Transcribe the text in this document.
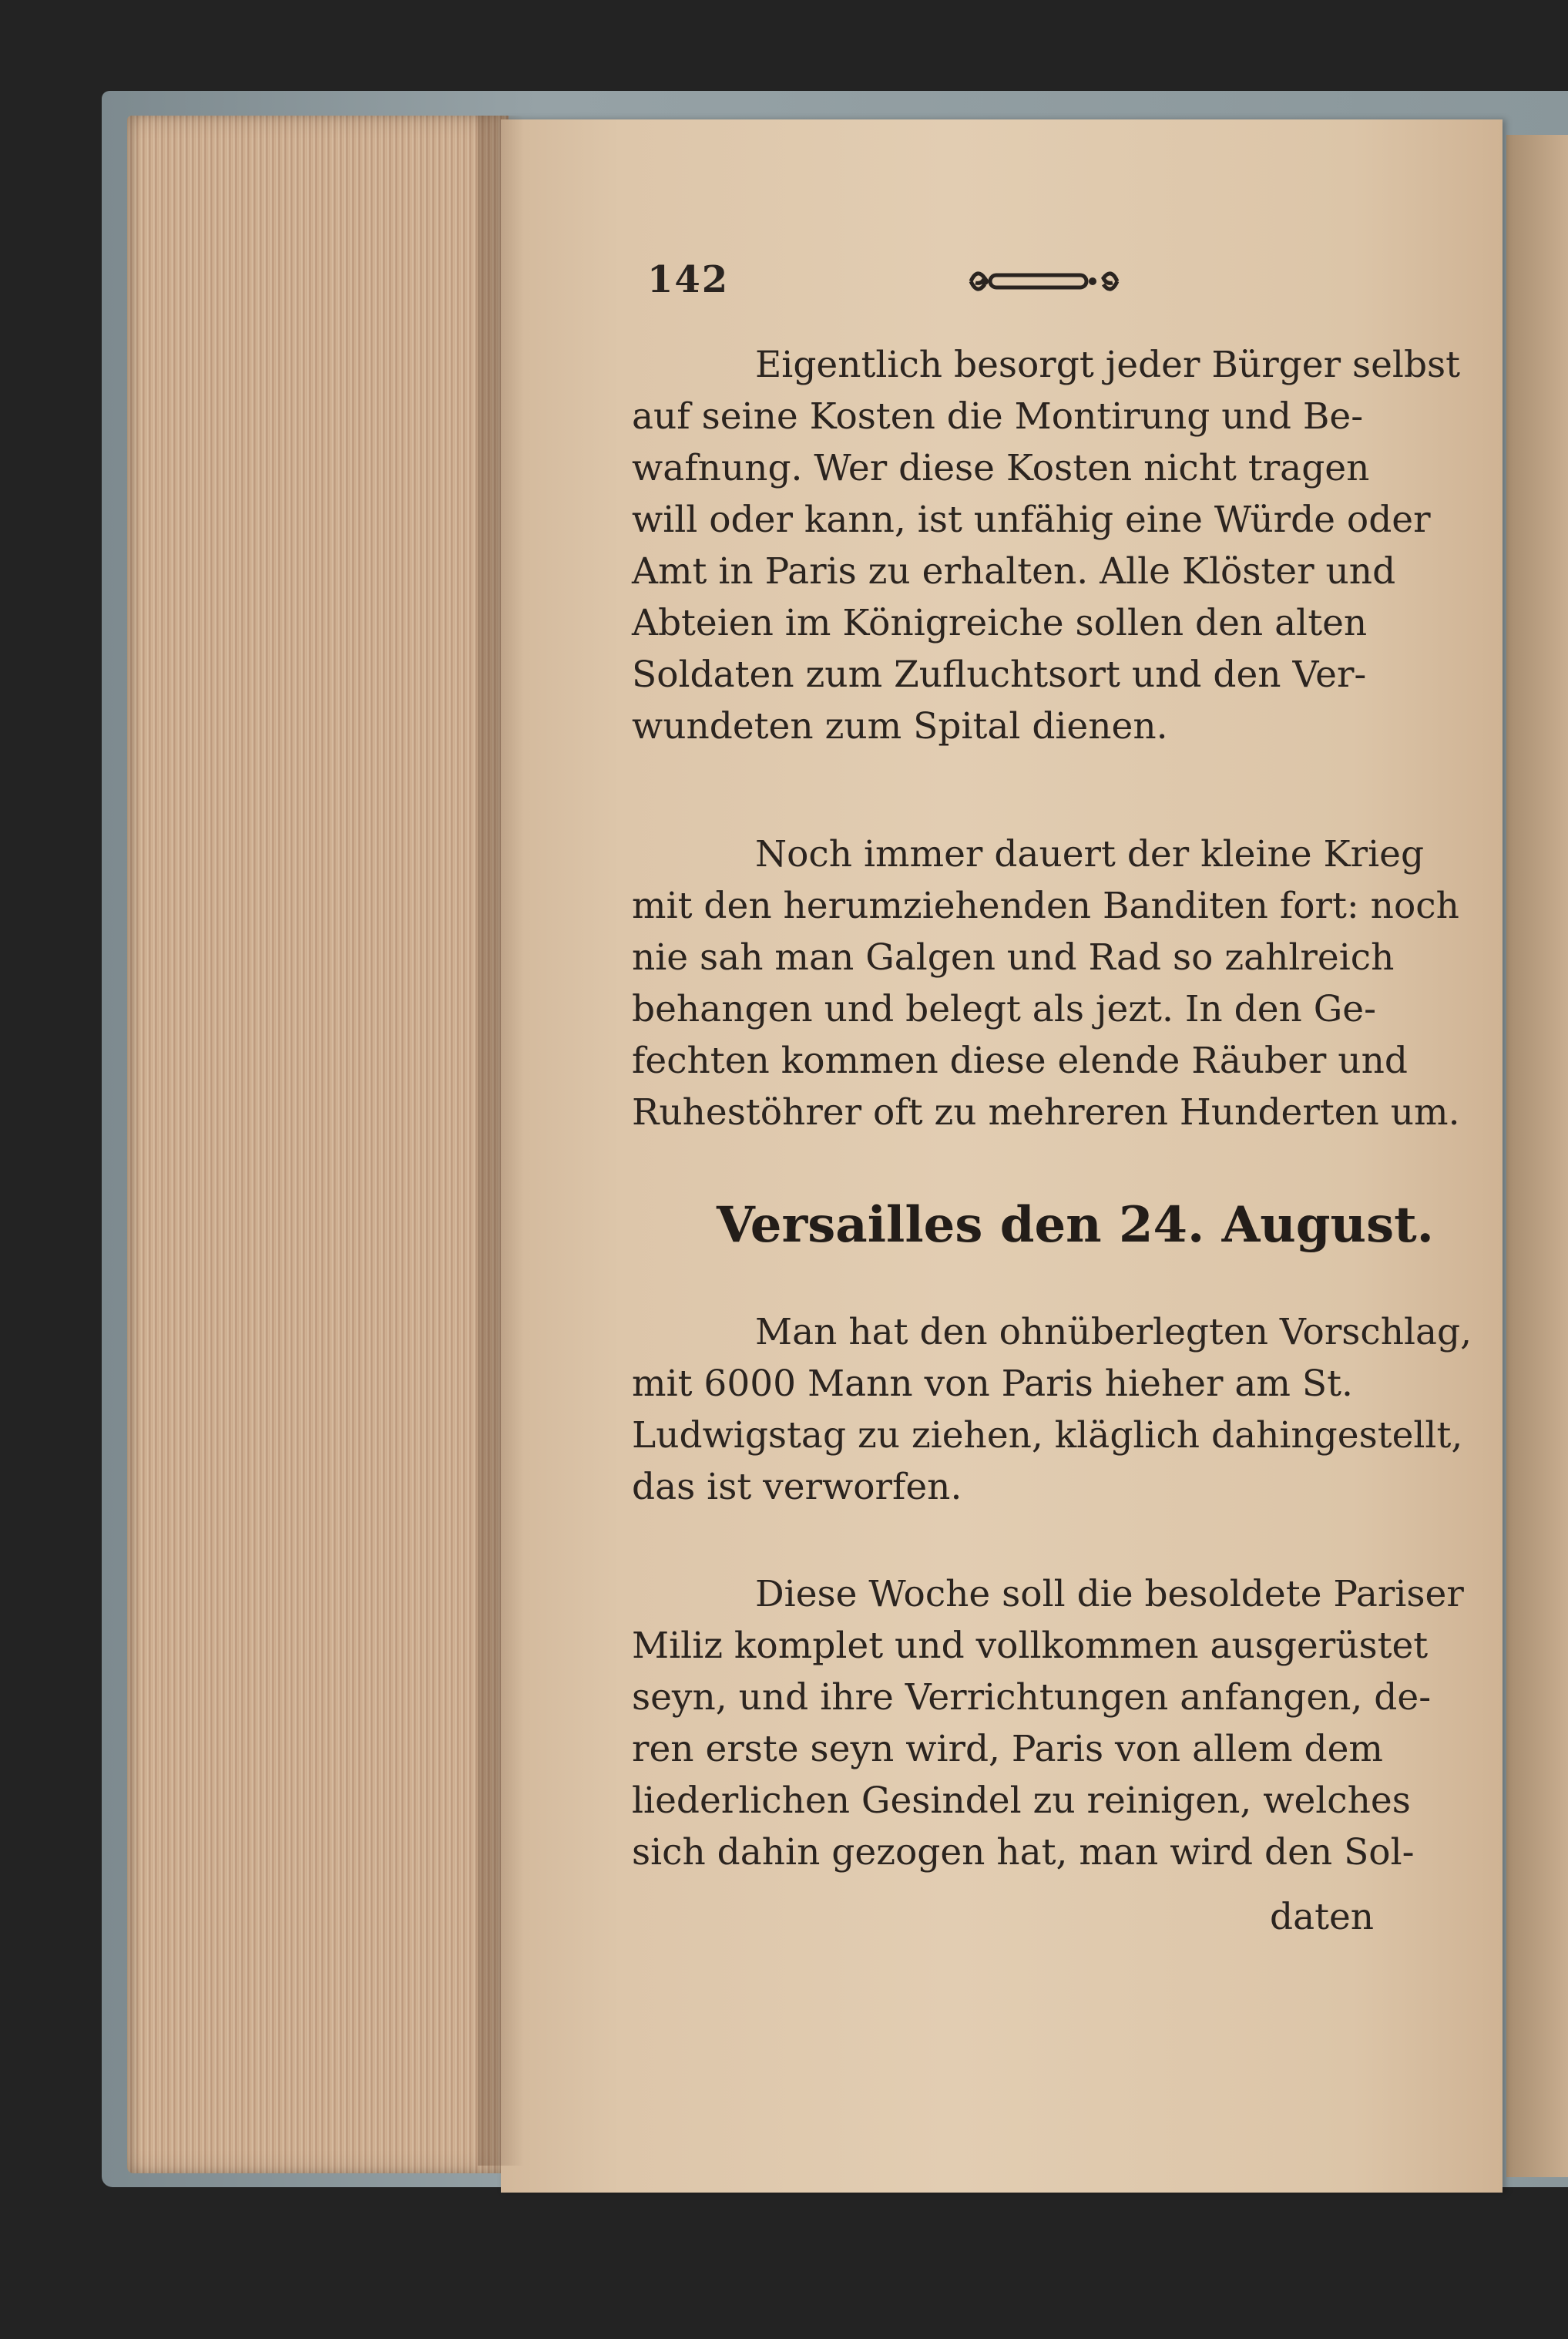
142
Eigentlich besorgt jeder Bürger selbst
auf seine Kosten die Montirung und Be-
wafnung. Wer diese Kosten nicht tragen
will oder kann, ist unfähig eine Würde oder
Amt in Paris zu erhalten. Alle Klöster und
Abteien im Königreiche sollen den alten
Soldaten zum Zufluchtsort und den Ver-
wundeten zum Spital dienen.
Noch immer dauert der kleine Krieg
mit den herumziehenden Banditen fort: noch
nie sah man Galgen und Rad so zahlreich
behangen und belegt als jezt. In den Ge-
fechten kommen diese elende Räuber und
Ruhestöhrer oft zu mehreren Hunderten um.
Versailles den 24. August.
Man hat den ohnüberlegten Vorschlag,
mit 6000 Mann von Paris hieher am St.
Ludwigstag zu ziehen, kläglich dahingestellt,
das ist verworfen.
Diese Woche soll die besoldete Pariser
Miliz komplet und vollkommen ausgerüstet
seyn, und ihre Verrichtungen anfangen, de-
ren erste seyn wird, Paris von allem dem
liederlichen Gesindel zu reinigen, welches
sich dahin gezogen hat, man wird den Sol-
daten
